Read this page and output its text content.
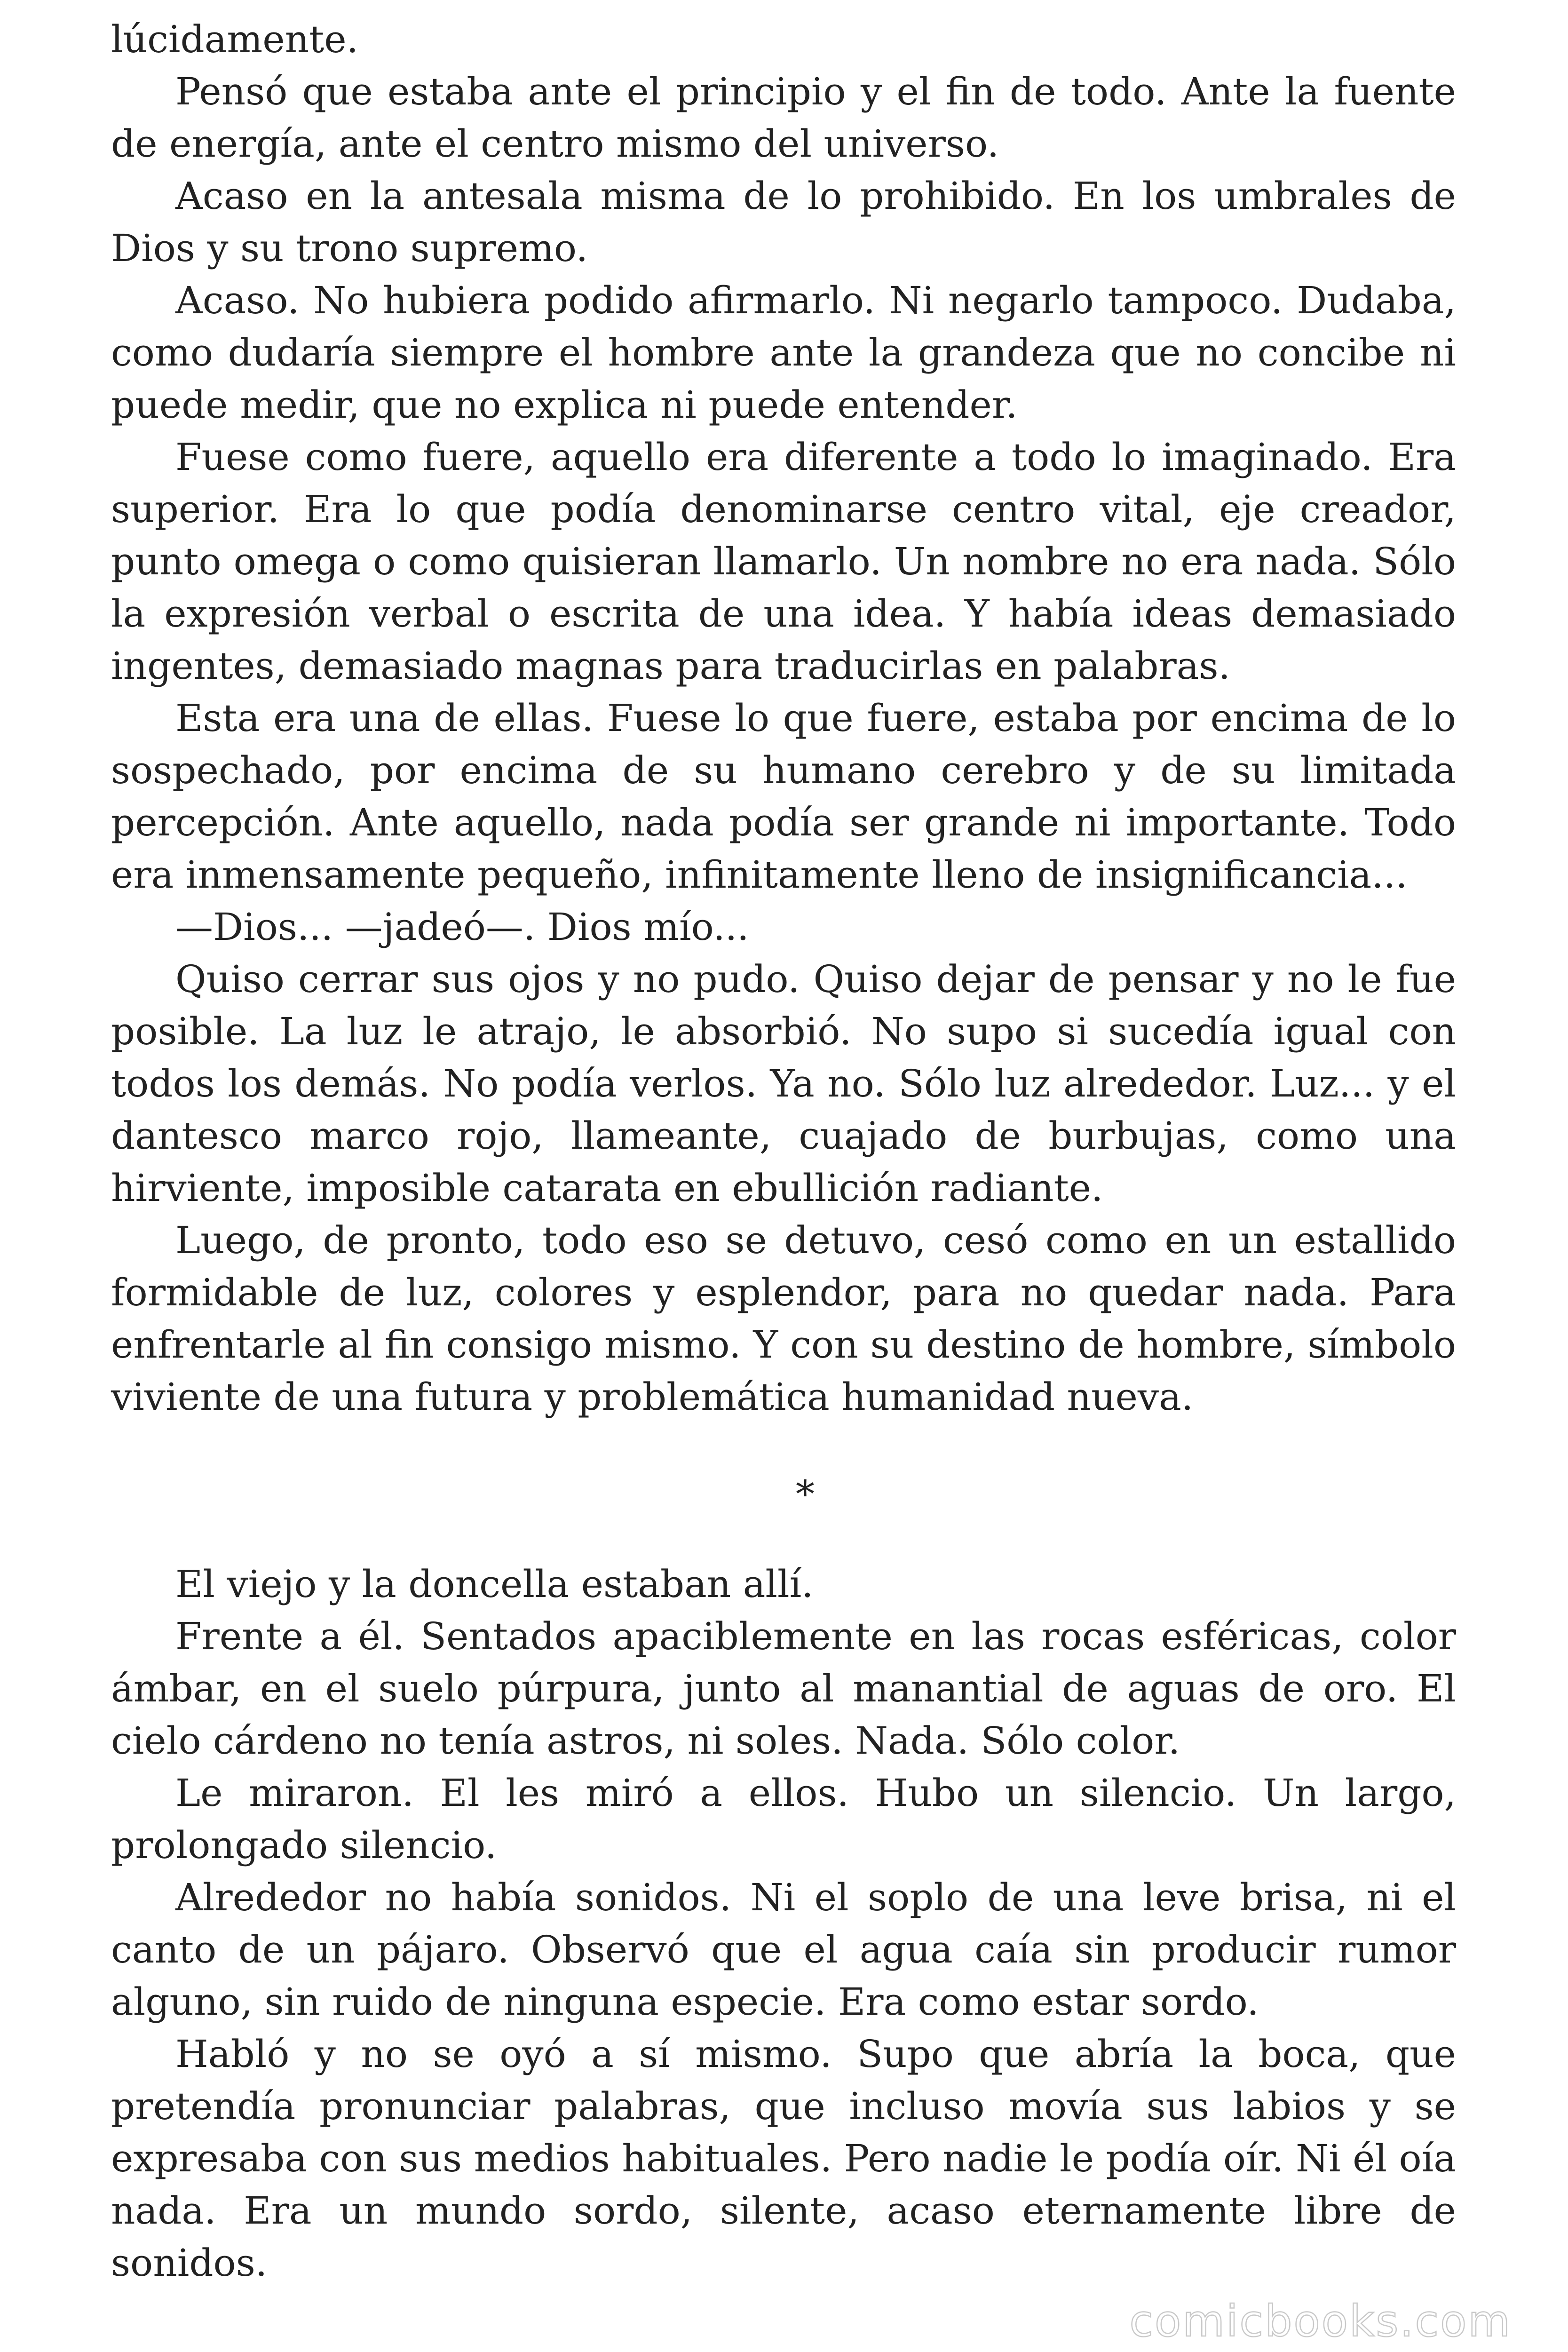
lúcidamente.

Pensó que estaba ante el principio y el fin de todo. Ante la fuente de energía, ante el centro mismo del universo.

Acaso en la antesala misma de lo prohibido. En los umbrales de Dios y su trono supremo.

Acaso. No hubiera podido afirmarlo. Ni negarlo tampoco. Dudaba, como dudaría siempre el hombre ante la grandeza que no concibe ni puede medir, que no explica ni puede entender.

Fuese como fuere, aquello era diferente a todo lo imaginado. Era superior. Era lo que podía denominarse centro vital, eje creador, punto omega o como quisieran llamarlo. Un nombre no era nada. Sólo la expresión verbal o escrita de una idea. Y había ideas demasiado ingentes, demasiado magnas para traducirlas en palabras.

Esta era una de ellas. Fuese lo que fuere, estaba por encima de lo sospechado, por encima de su humano cerebro y de su limitada percepción. Ante aquello, nada podía ser grande ni importante. Todo era inmensamente pequeño, infinitamente lleno de insignificancia...

—Dios... —jadeó—. Dios mío...

Quiso cerrar sus ojos y no pudo. Quiso dejar de pensar y no le fue posible. La luz le atrajo, le absorbió. No supo si sucedía igual con todos los demás. No podía verlos. Ya no. Sólo luz alrededor. Luz... y el dantesco marco rojo, llameante, cuajado de burbujas, como una hirviente, imposible catarata en ebullición radiante.

Luego, de pronto, todo eso se detuvo, cesó como en un estallido formidable de luz, colores y esplendor, para no quedar nada. Para enfrentarle al fin consigo mismo. Y con su destino de hombre, símbolo viviente de una futura y problemática humanidad nueva.

*

El viejo y la doncella estaban allí.

Frente a él. Sentados apaciblemente en las rocas esféricas, color ámbar, en el suelo púrpura, junto al manantial de aguas de oro. El cielo cárdeno no tenía astros, ni soles. Nada. Sólo color.

Le miraron. El les miró a ellos. Hubo un silencio. Un largo, prolongado silencio.

Alrededor no había sonidos. Ni el soplo de una leve brisa, ni el canto de un pájaro. Observó que el agua caía sin producir rumor alguno, sin ruido de ninguna especie. Era como estar sordo.

Habló y no se oyó a sí mismo. Supo que abría la boca, que pretendía pronunciar palabras, que incluso movía sus labios y se expresaba con sus medios habituales. Pero nadie le podía oír. Ni él oía nada. Era un mundo sordo, silente, acaso eternamente libre de sonidos.

comicbooks.com
